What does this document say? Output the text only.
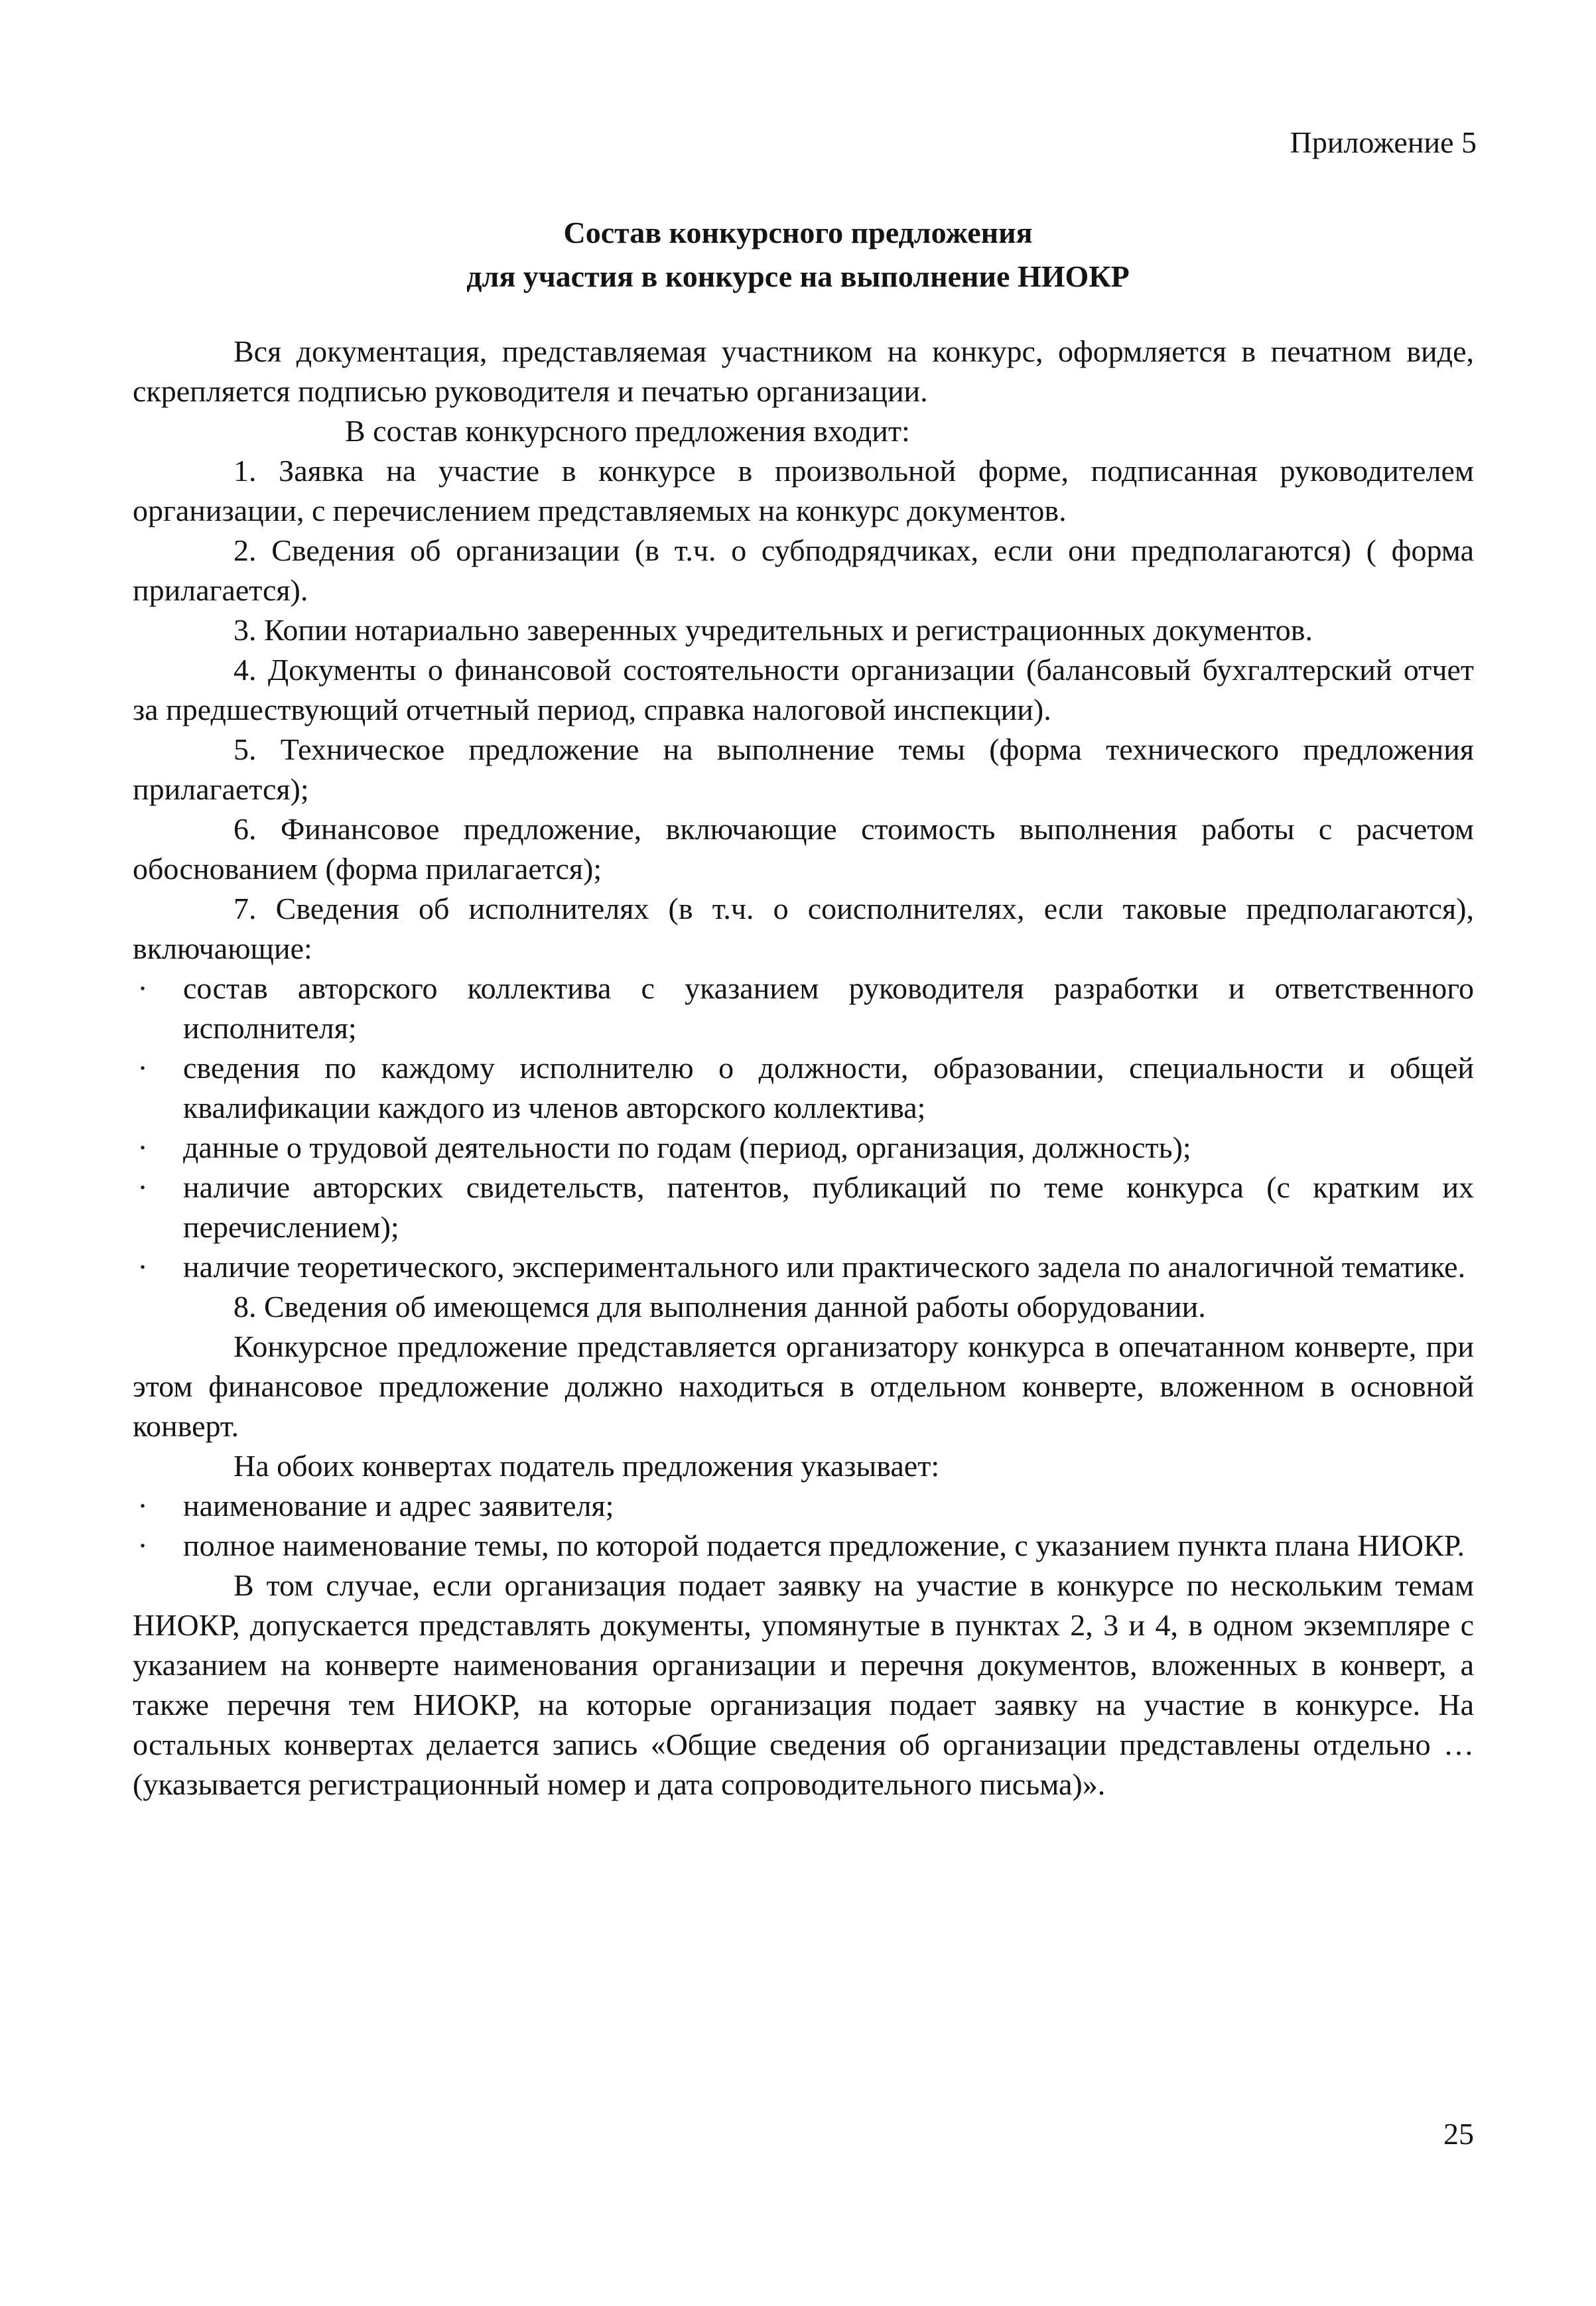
Приложение 5
Состав конкурсного предложения
для участия в конкурсе на выполнение НИОКР

Вся документация, представляемая участником на конкурс, оформляется в печатном виде, скрепляется подписью руководителя и печатью организации.

В состав конкурсного предложения входит:

1. Заявка на участие в конкурсе в произвольной форме, подписанная руководителем организации, с перечислением представляемых на конкурс документов.

2. Сведения об организации (в т.ч. о субподрядчиках, если они предполагаются) ( форма прилагается).

3. Копии нотариально заверенных учредительных и регистрационных документов.

4. Документы о финансовой состоятельности организации (балансовый бухгалтерский отчет за предшествующий отчетный период, справка налоговой инспекции).

5. Техническое предложение на выполнение темы (форма технического предложения прилагается);

6. Финансовое предложение, включающие стоимость выполнения работы с расчетом обоснованием (форма прилагается);

7. Сведения об исполнителях (в т.ч. о соисполнителях, если таковые предполагаются), включающие:

· состав авторского коллектива с указанием руководителя разработки и ответственного исполнителя;
· сведения по каждому исполнителю о должности, образовании, специальности и общей квалификации каждого из членов авторского коллектива;
· данные о трудовой деятельности по годам (период, организация, должность);
· наличие авторских свидетельств, патентов, публикаций по теме конкурса (с кратким их перечислением);
· наличие теоретического, экспериментального или практического задела по аналогичной тематике.

8. Сведения об имеющемся для выполнения данной работы оборудовании.

Конкурсное предложение представляется организатору конкурса в опечатанном конверте, при этом финансовое предложение должно находиться в отдельном конверте, вложенном в основной конверт.

На обоих конвертах податель предложения указывает:

· наименование и адрес заявителя;
· полное наименование темы, по которой подается предложение, с указанием пункта плана НИОКР.

В том случае, если организация подает заявку на участие в конкурсе по нескольким темам НИОКР, допускается представлять документы, упомянутые в пунктах 2, 3 и 4, в одном экземпляре с указанием на конверте наименования организации и перечня документов, вложенных в конверт, а также перечня тем НИОКР, на которые организация подает заявку на участие в конкурсе. На остальных конвертах делается запись «Общие сведения об организации представлены отдельно … (указывается регистрационный номер и дата сопроводительного письма)».

25
